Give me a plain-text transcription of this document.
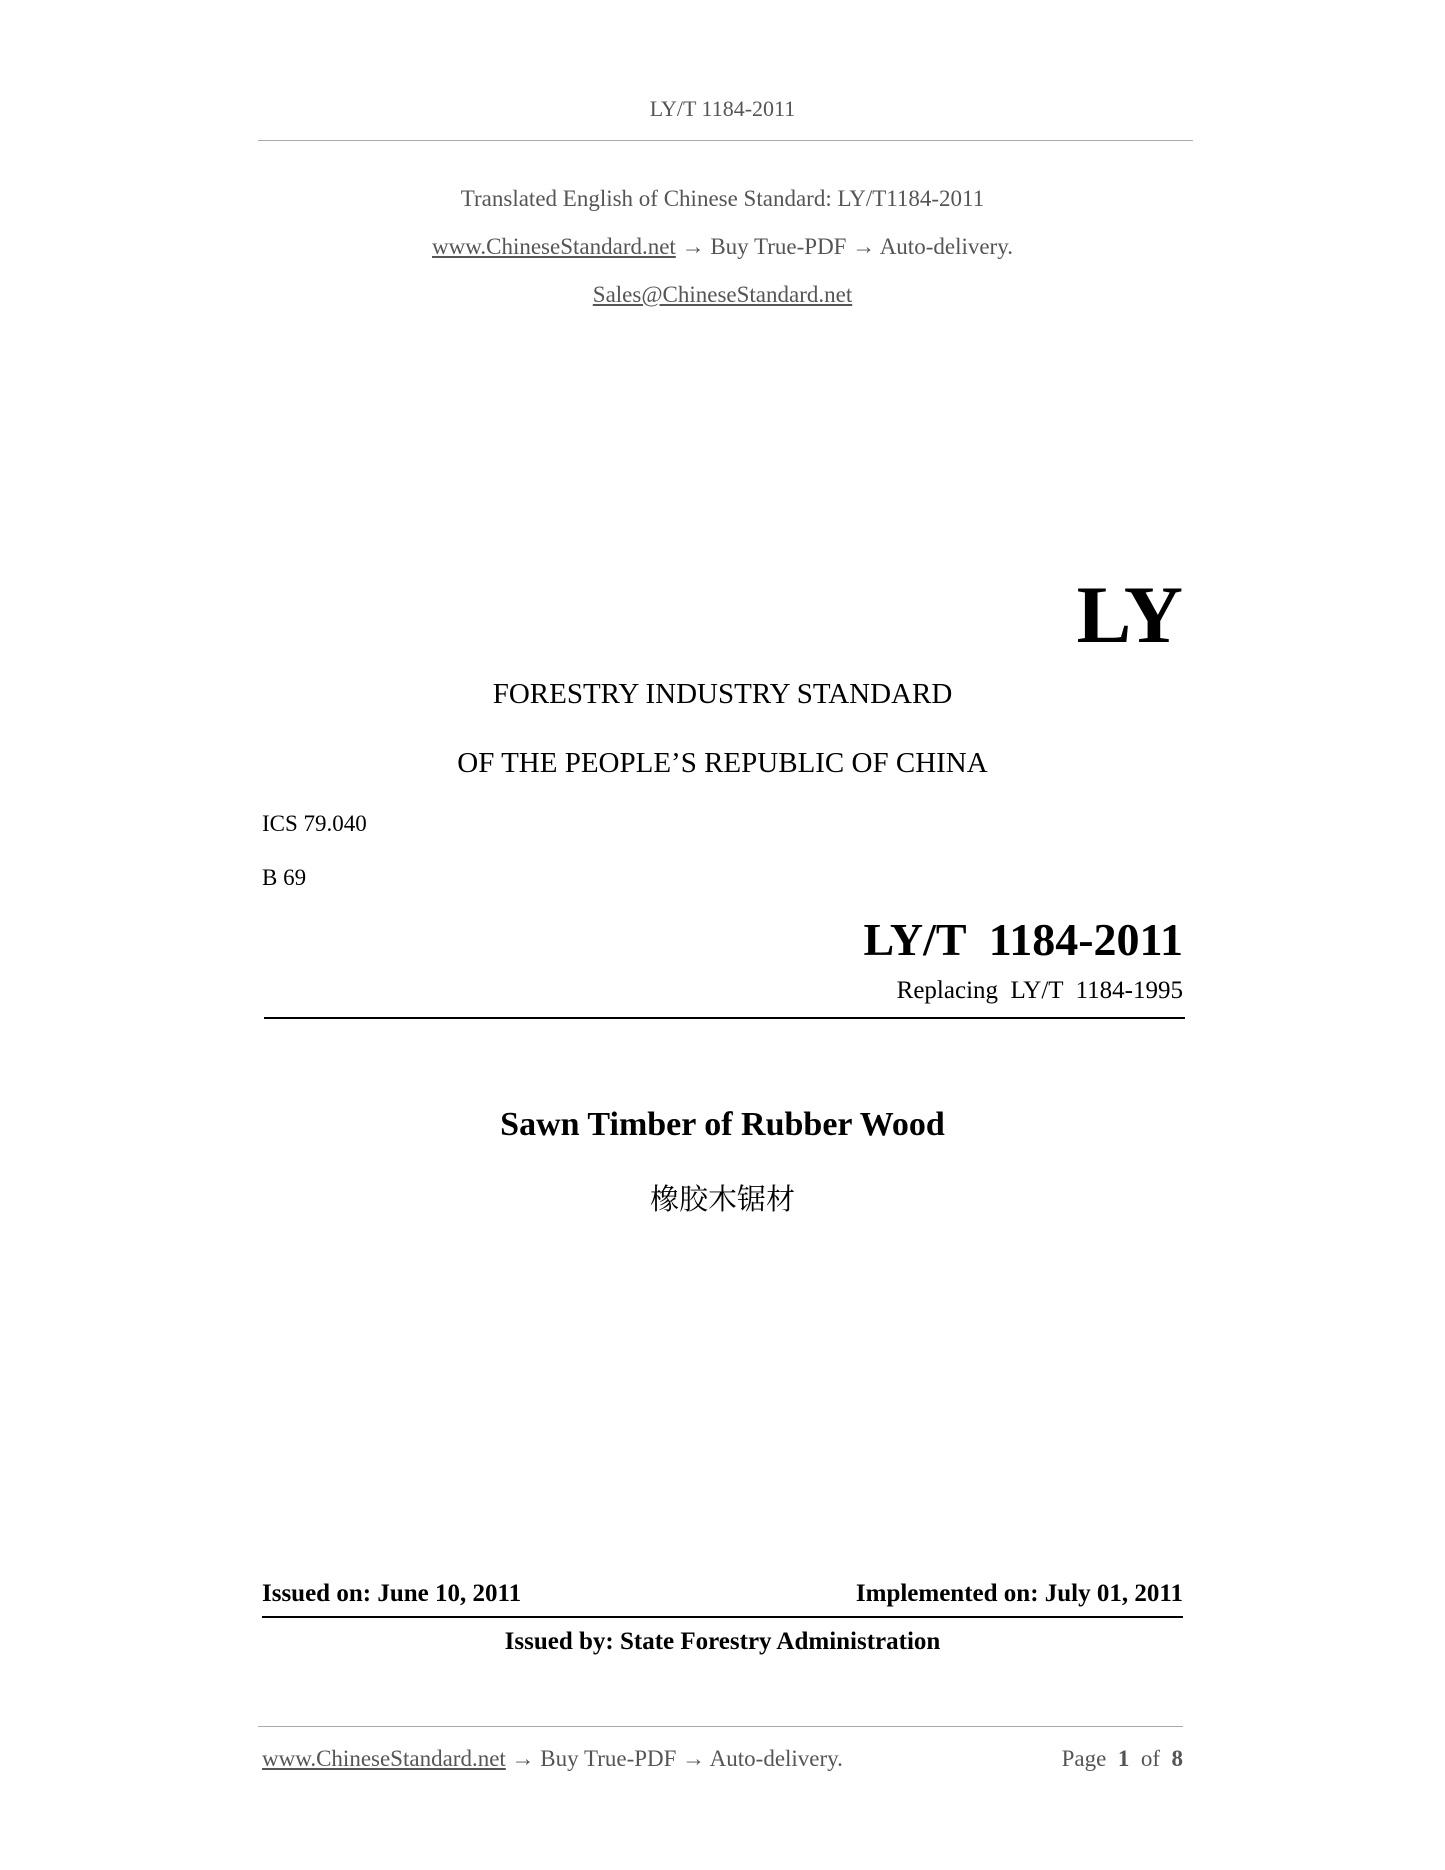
LY/T 1184-2011
Translated English of Chinese Standard: LY/T1184-2011
www.ChineseStandard.net → Buy True-PDF → Auto-delivery.
Sales@ChineseStandard.net
LY
FORESTRY INDUSTRY STANDARD
OF THE PEOPLE’S REPUBLIC OF CHINA
ICS 79.040
B 69
LY/T  1184-2011
Replacing  LY/T  1184-1995
Sawn Timber of Rubber Wood
橡胶木锯材
Issued on: June 10, 2011	Implemented on: July 01, 2011
Issued by: State Forestry Administration
www.ChineseStandard.net → Buy True-PDF → Auto-delivery.	Page 1 of 8
